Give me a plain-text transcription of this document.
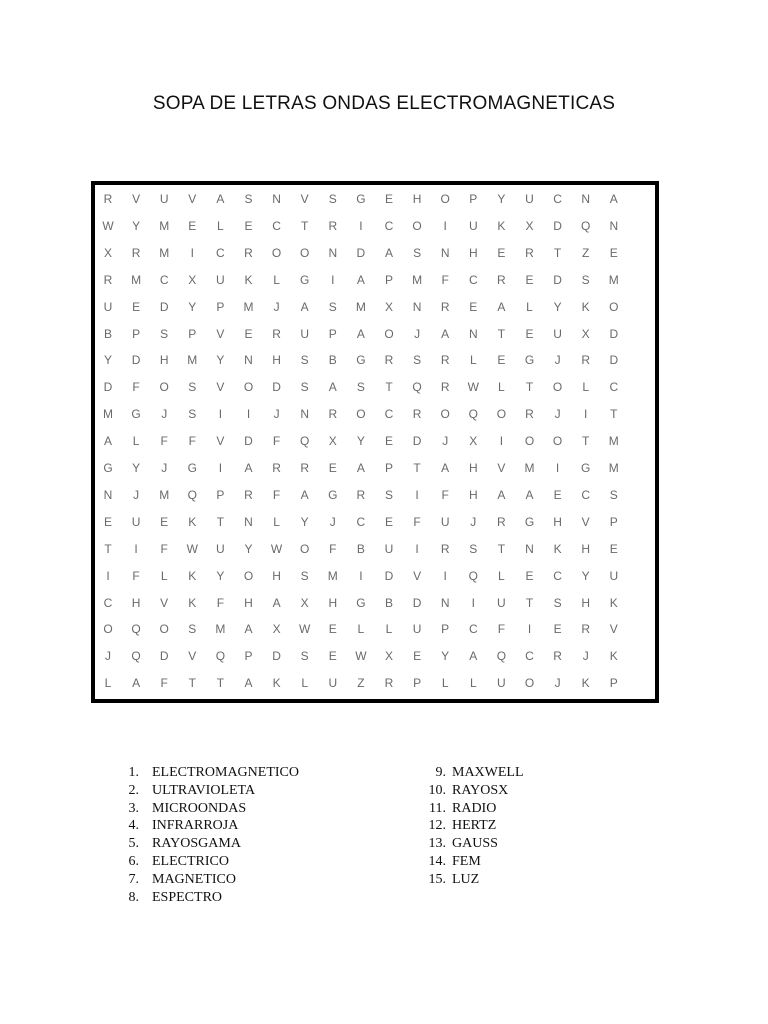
SOPA DE LETRAS ONDAS ELECTROMAGNETICAS
R	V	U	V	A	S	N	V	S	G	E	H	O	P	Y	U	C	N	A
W	Y	M	E	L	E	C	T	R	I	C	O	I	U	K	X	D	Q	N
X	R	M	I	C	R	O	O	N	D	A	S	N	H	E	R	T	Z	E
R	M	C	X	U	K	L	G	I	A	P	M	F	C	R	E	D	S	M
U	E	D	Y	P	M	J	A	S	M	X	N	R	E	A	L	Y	K	O
B	P	S	P	V	E	R	U	P	A	O	J	A	N	T	E	U	X	D
Y	D	H	M	Y	N	H	S	B	G	R	S	R	L	E	G	J	R	D
D	F	O	S	V	O	D	S	A	S	T	Q	R	W	L	T	O	L	C
M	G	J	S	I	I	J	N	R	O	C	R	O	Q	O	R	J	I	T
A	L	F	F	V	D	F	Q	X	Y	E	D	J	X	I	O	O	T	M
G	Y	J	G	I	A	R	R	E	A	P	T	A	H	V	M	I	G	M
N	J	M	Q	P	R	F	A	G	R	S	I	F	H	A	A	E	C	S
E	U	E	K	T	N	L	Y	J	C	E	F	U	J	R	G	H	V	P
T	I	F	W	U	Y	W	O	F	B	U	I	R	S	T	N	K	H	E
I	F	L	K	Y	O	H	S	M	I	D	V	I	Q	L	E	C	Y	U
C	H	V	K	F	H	A	X	H	G	B	D	N	I	U	T	S	H	K
O	Q	O	S	M	A	X	W	E	L	L	U	P	C	F	I	E	R	V
J	Q	D	V	Q	P	D	S	E	W	X	E	Y	A	Q	C	R	J	K
L	A	F	T	T	A	K	L	U	Z	R	P	L	L	U	O	J	K	P
1. ELECTROMAGNETICO
2. ULTRAVIOLETA
3. MICROONDAS
4. INFRARROJA
5. RAYOSGAMA
6. ELECTRICO
7. MAGNETICO
8. ESPECTRO
9. MAXWELL
10. RAYOSX
11. RADIO
12. HERTZ
13. GAUSS
14. FEM
15. LUZ
